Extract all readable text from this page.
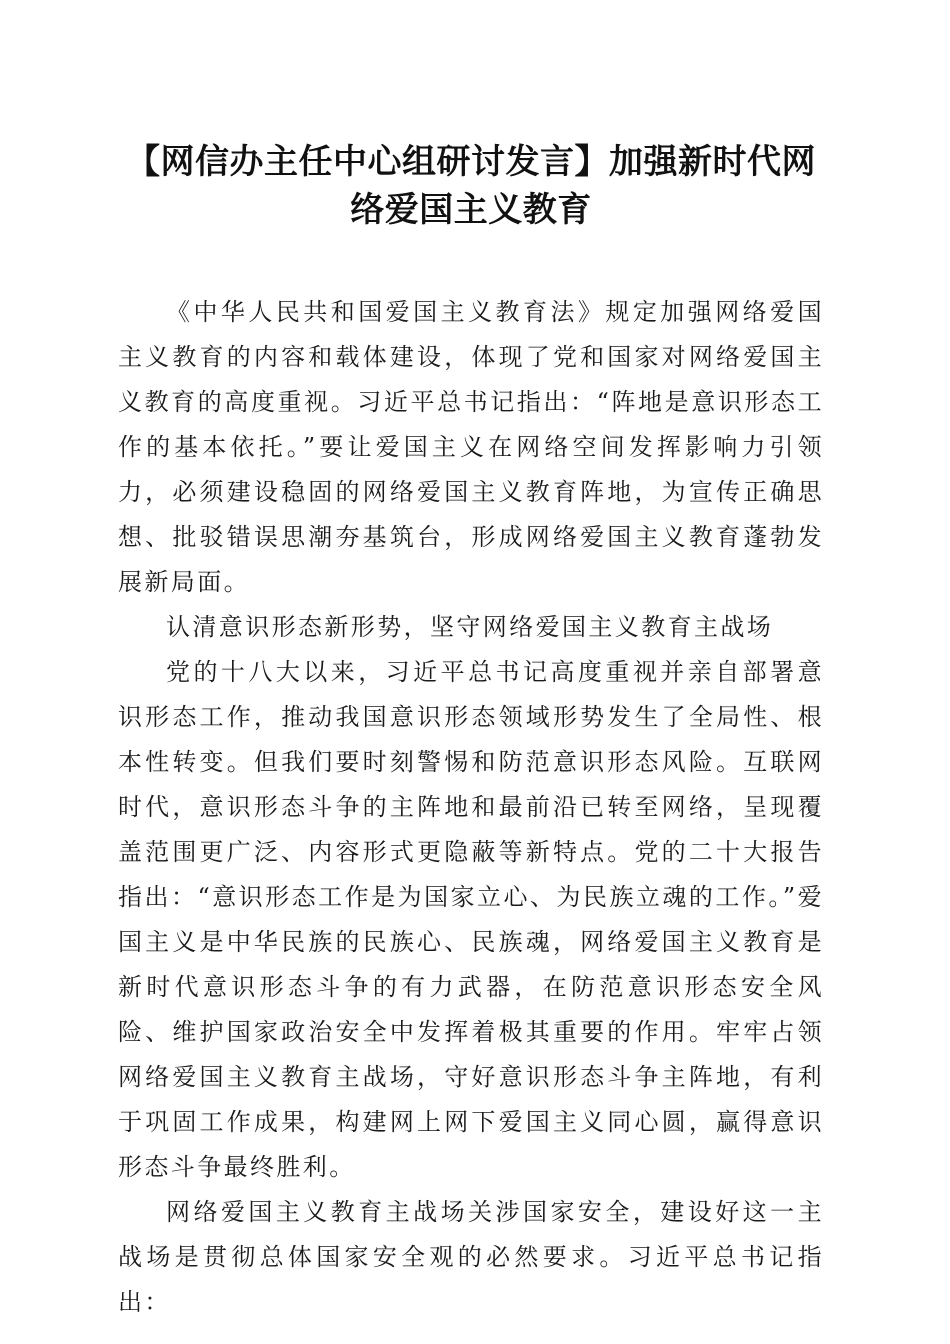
【网信办主任中心组研讨发言】加强新时代网络爱国主义教育

《中华人民共和国爱国主义教育法》规定加强网络爱国主义教育的内容和载体建设，体现了党和国家对网络爱国主义教育的高度重视。习近平总书记指出：“阵地是意识形态工作的基本依托。”要让爱国主义在网络空间发挥影响力引领力，必须建设稳固的网络爱国主义教育阵地，为宣传正确思想、批驳错误思潮夯基筑台，形成网络爱国主义教育蓬勃发展新局面。

认清意识形态新形势，坚守网络爱国主义教育主战场

党的十八大以来，习近平总书记高度重视并亲自部署意识形态工作，推动我国意识形态领域形势发生了全局性、根本性转变。但我们要时刻警惕和防范意识形态风险。互联网时代，意识形态斗争的主阵地和最前沿已转至网络，呈现覆盖范围更广泛、内容形式更隐蔽等新特点。党的二十大报告指出：“意识形态工作是为国家立心、为民族立魂的工作。”爱国主义是中华民族的民族心、民族魂，网络爱国主义教育是新时代意识形态斗争的有力武器，在防范意识形态安全风险、维护国家政治安全中发挥着极其重要的作用。牢牢占领网络爱国主义教育主战场，守好意识形态斗争主阵地，有利于巩固工作成果，构建网上网下爱国主义同心圆，赢得意识形态斗争最终胜利。

网络爱国主义教育主战场关涉国家安全，建设好这一主战场是贯彻总体国家安全观的必然要求。习近平总书记指出：
